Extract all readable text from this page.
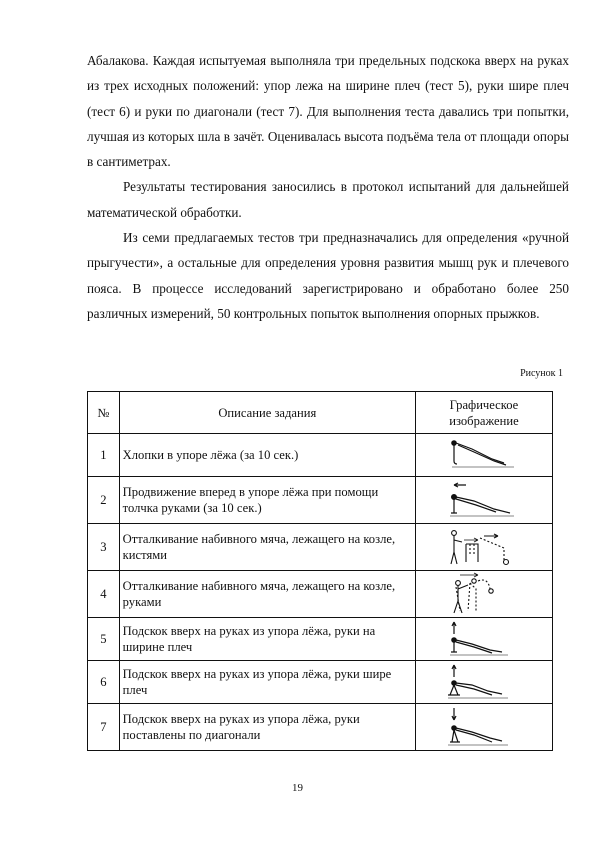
Абалакова. Каждая испытуемая выполняла три предельных подскока вверх на руках из трех исходных положений: упор лежа на ширине плеч (тест 5), руки шире плеч (тест 6) и руки по диагонали (тест 7). Для выполнения теста давались три попытки, лучшая из которых шла в зачёт. Оценивалась высота подъёма тела от площади опоры в сантиметрах.

Результаты тестирования заносились в протокол испытаний для дальнейшей математической обработки.

Из семи предлагаемых тестов три предназначались для определения «ручной прыгучести», а остальные для определения уровня развития мышц рук и плечевого пояса. В процессе исследований зарегистрировано и обработано более 250 различных измерений, 50 контрольных попыток выполнения опорных прыжков.

Рисунок 1
№	Описание задания	Графическое изображение
1	Хлопки в упоре лёжа (за 10 сек.)	

2	Продвижение вперед в упоре лёжа при помощи толчка руками (за 10 сек.)	

3	Отталкивание набивного мяча, лежащего на козле, кистями	

4	Отталкивание набивного мяча, лежащего на козле, руками	

5	Подскок вверх на руках из упора лёжа, руки на ширине плеч	

6	Подскок вверх на руках из упора лёжа, руки шире плеч	

7	Подскок вверх на руках из упора лёжа, руки поставлены по диагонали	
19
